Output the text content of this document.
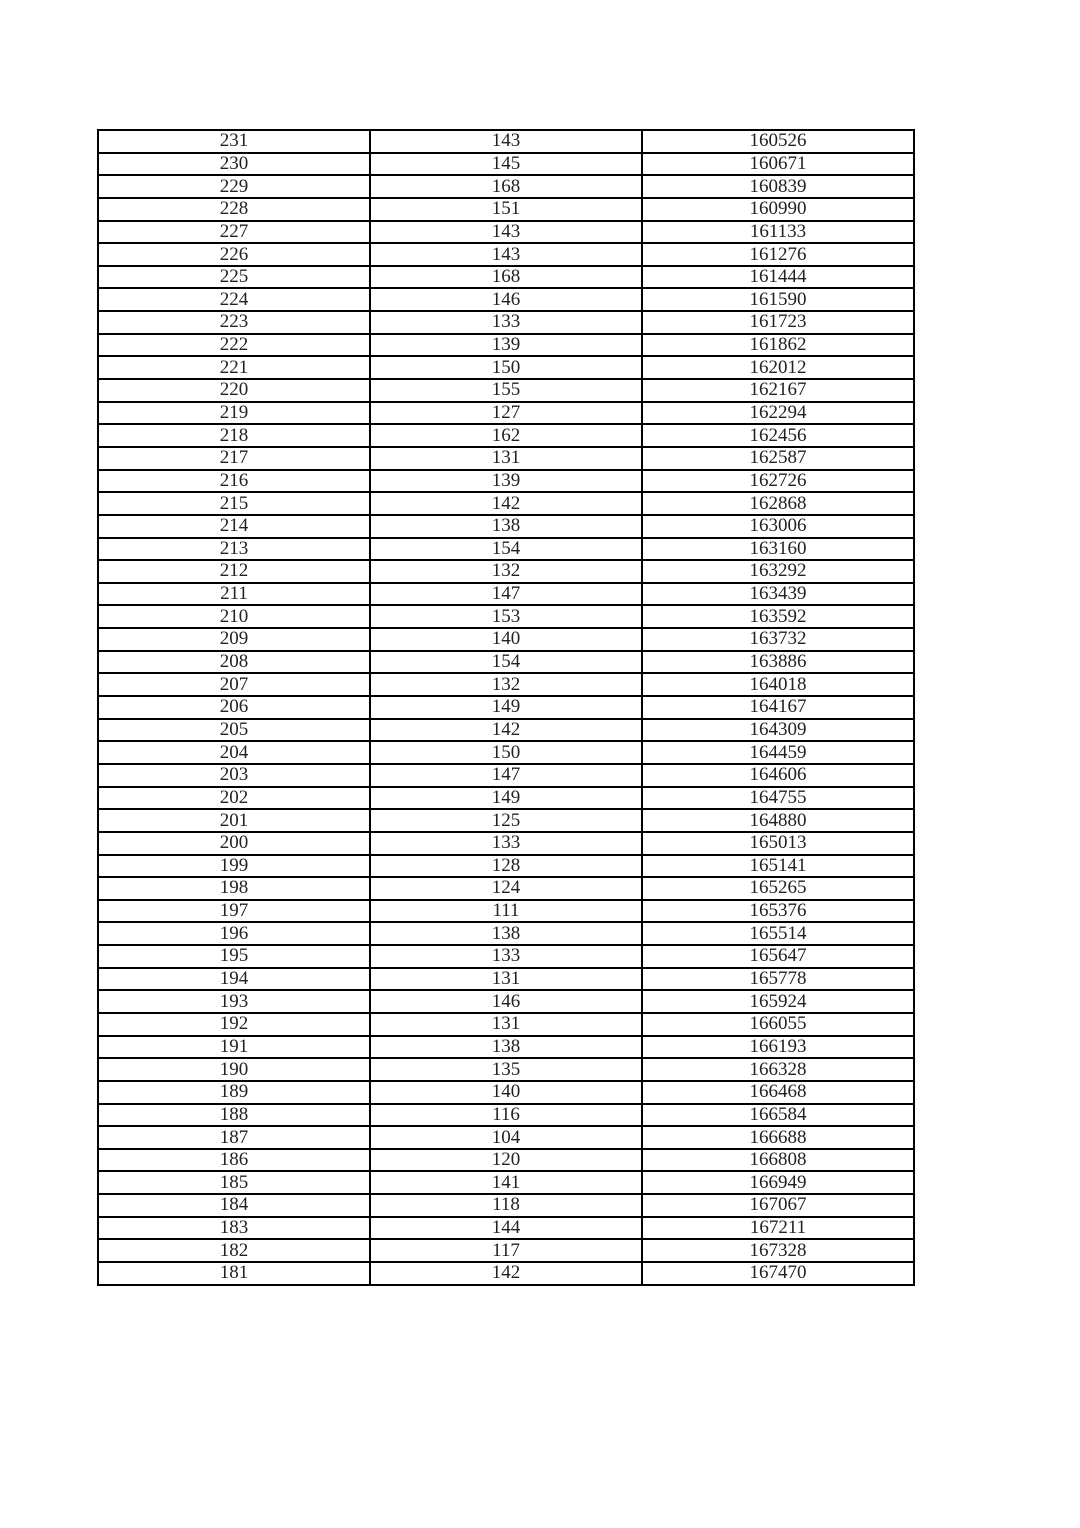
231	143	160526
230	145	160671
229	168	160839
228	151	160990
227	143	161133
226	143	161276
225	168	161444
224	146	161590
223	133	161723
222	139	161862
221	150	162012
220	155	162167
219	127	162294
218	162	162456
217	131	162587
216	139	162726
215	142	162868
214	138	163006
213	154	163160
212	132	163292
211	147	163439
210	153	163592
209	140	163732
208	154	163886
207	132	164018
206	149	164167
205	142	164309
204	150	164459
203	147	164606
202	149	164755
201	125	164880
200	133	165013
199	128	165141
198	124	165265
197	111	165376
196	138	165514
195	133	165647
194	131	165778
193	146	165924
192	131	166055
191	138	166193
190	135	166328
189	140	166468
188	116	166584
187	104	166688
186	120	166808
185	141	166949
184	118	167067
183	144	167211
182	117	167328
181	142	167470
